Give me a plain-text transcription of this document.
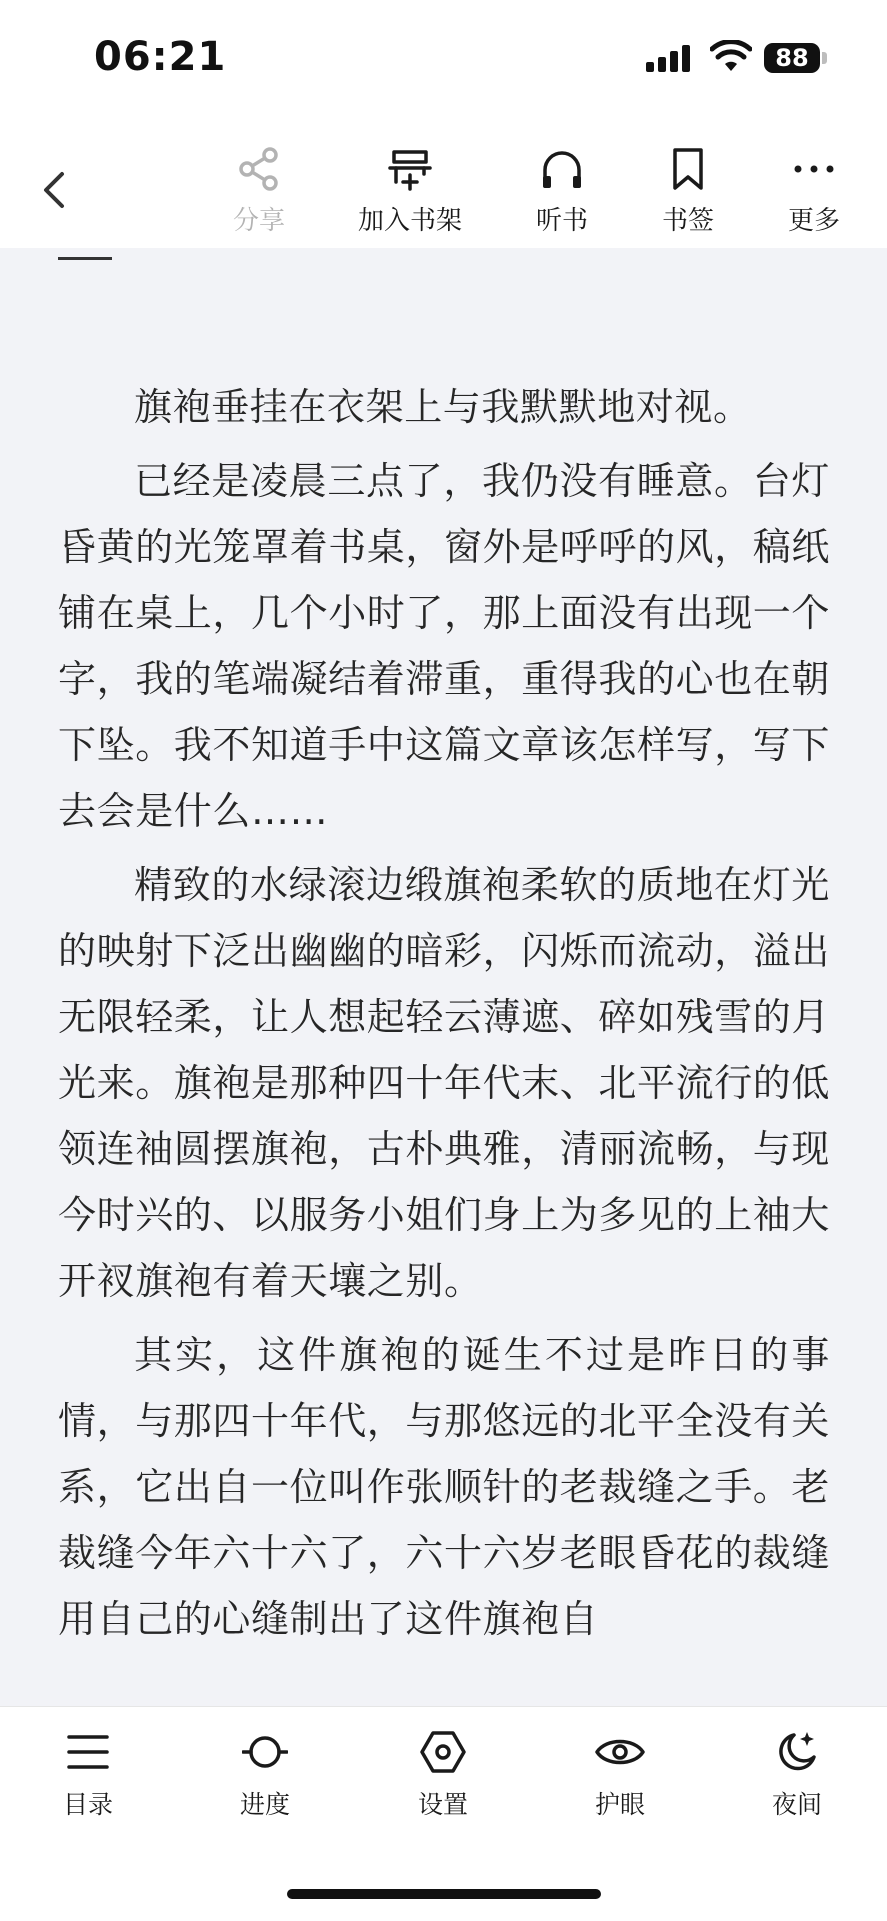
06:21	88
分享	加入书架	听书	书签	更多

旗袍垂挂在衣架上与我默默地对视。

已经是凌晨三点了，我仍没有睡意。台灯昏黄的光笼罩着书桌，窗外是呼呼的风，稿纸铺在桌上，几个小时了，那上面没有出现一个字，我的笔端凝结着滞重，重得我的心也在朝下坠。我不知道手中这篇文章该怎样写，写下去会是什么……

精致的水绿滚边缎旗袍柔软的质地在灯光的映射下泛出幽幽的暗彩，闪烁而流动，溢出无限轻柔，让人想起轻云薄遮、碎如残雪的月光来。旗袍是那种四十年代末、北平流行的低领连袖圆摆旗袍，古朴典雅，清丽流畅，与现今时兴的、以服务小姐们身上为多见的上袖大开衩旗袍有着天壤之别。

其实，这件旗袍的诞生不过是昨日的事情，与那四十年代，与那悠远的北平全没有关系，它出自一位叫作张顺针的老裁缝之手。老裁缝今年六十六了，六十六岁老眼昏花的裁缝用自己的心缝制出了这件旗袍自

目录	进度	设置	护眼	夜间
